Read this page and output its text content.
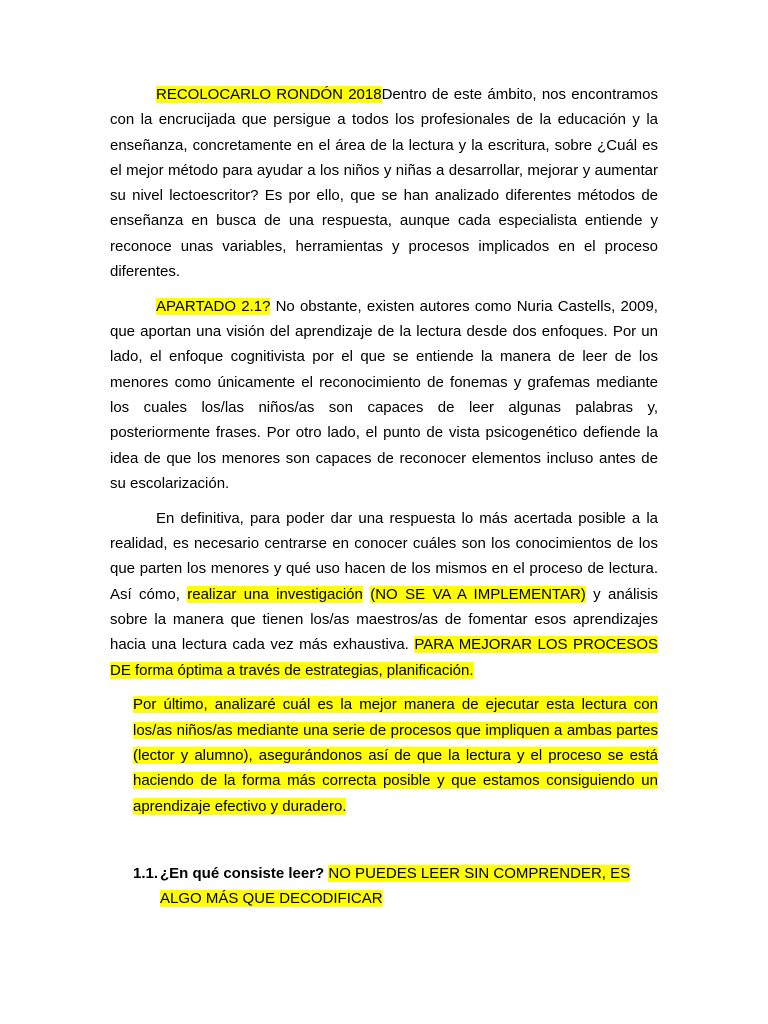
RECOLOCARLO RONDÓN 2018Dentro de este ámbito, nos encontramos con la encrucijada que persigue a todos los profesionales de la educación y la enseñanza, concretamente en el área de la lectura y la escritura, sobre ¿Cuál es el mejor método para ayudar a los niños y niñas a desarrollar, mejorar y aumentar su nivel lectoescritor? Es por ello, que se han analizado diferentes métodos de enseñanza en busca de una respuesta, aunque cada especialista entiende y reconoce unas variables, herramientas y procesos implicados en el proceso diferentes.

APARTADO 2.1? No obstante, existen autores como Nuria Castells, 2009, que aportan una visión del aprendizaje de la lectura desde dos enfoques. Por un lado, el enfoque cognitivista por el que se entiende la manera de leer de los menores como únicamente el reconocimiento de fonemas y grafemas mediante los cuales los/las niños/as son capaces de leer algunas palabras y, posteriormente frases. Por otro lado, el punto de vista psicogenético defiende la idea de que los menores son capaces de reconocer elementos incluso antes de su escolarización.

En definitiva, para poder dar una respuesta lo más acertada posible a la realidad, es necesario centrarse en conocer cuáles son los conocimientos de los que parten los menores y qué uso hacen de los mismos en el proceso de lectura. Así cómo, realizar una investigación (NO SE VA A IMPLEMENTAR) y análisis sobre la manera que tienen los/as maestros/as de fomentar esos aprendizajes hacia una lectura cada vez más exhaustiva. PARA MEJORAR LOS PROCESOS DE forma óptima a través de estrategias, planificación.

Por último, analizaré cuál es la mejor manera de ejecutar esta lectura con los/as niños/as mediante una serie de procesos que impliquen a ambas partes (lector y alumno), asegurándonos así de que la lectura y el proceso se está haciendo de la forma más correcta posible y que estamos consiguiendo un aprendizaje efectivo y duradero.

1.1. ¿En qué consiste leer? NO PUEDES LEER SIN COMPRENDER, ES
ALGO MÁS QUE DECODIFICAR
